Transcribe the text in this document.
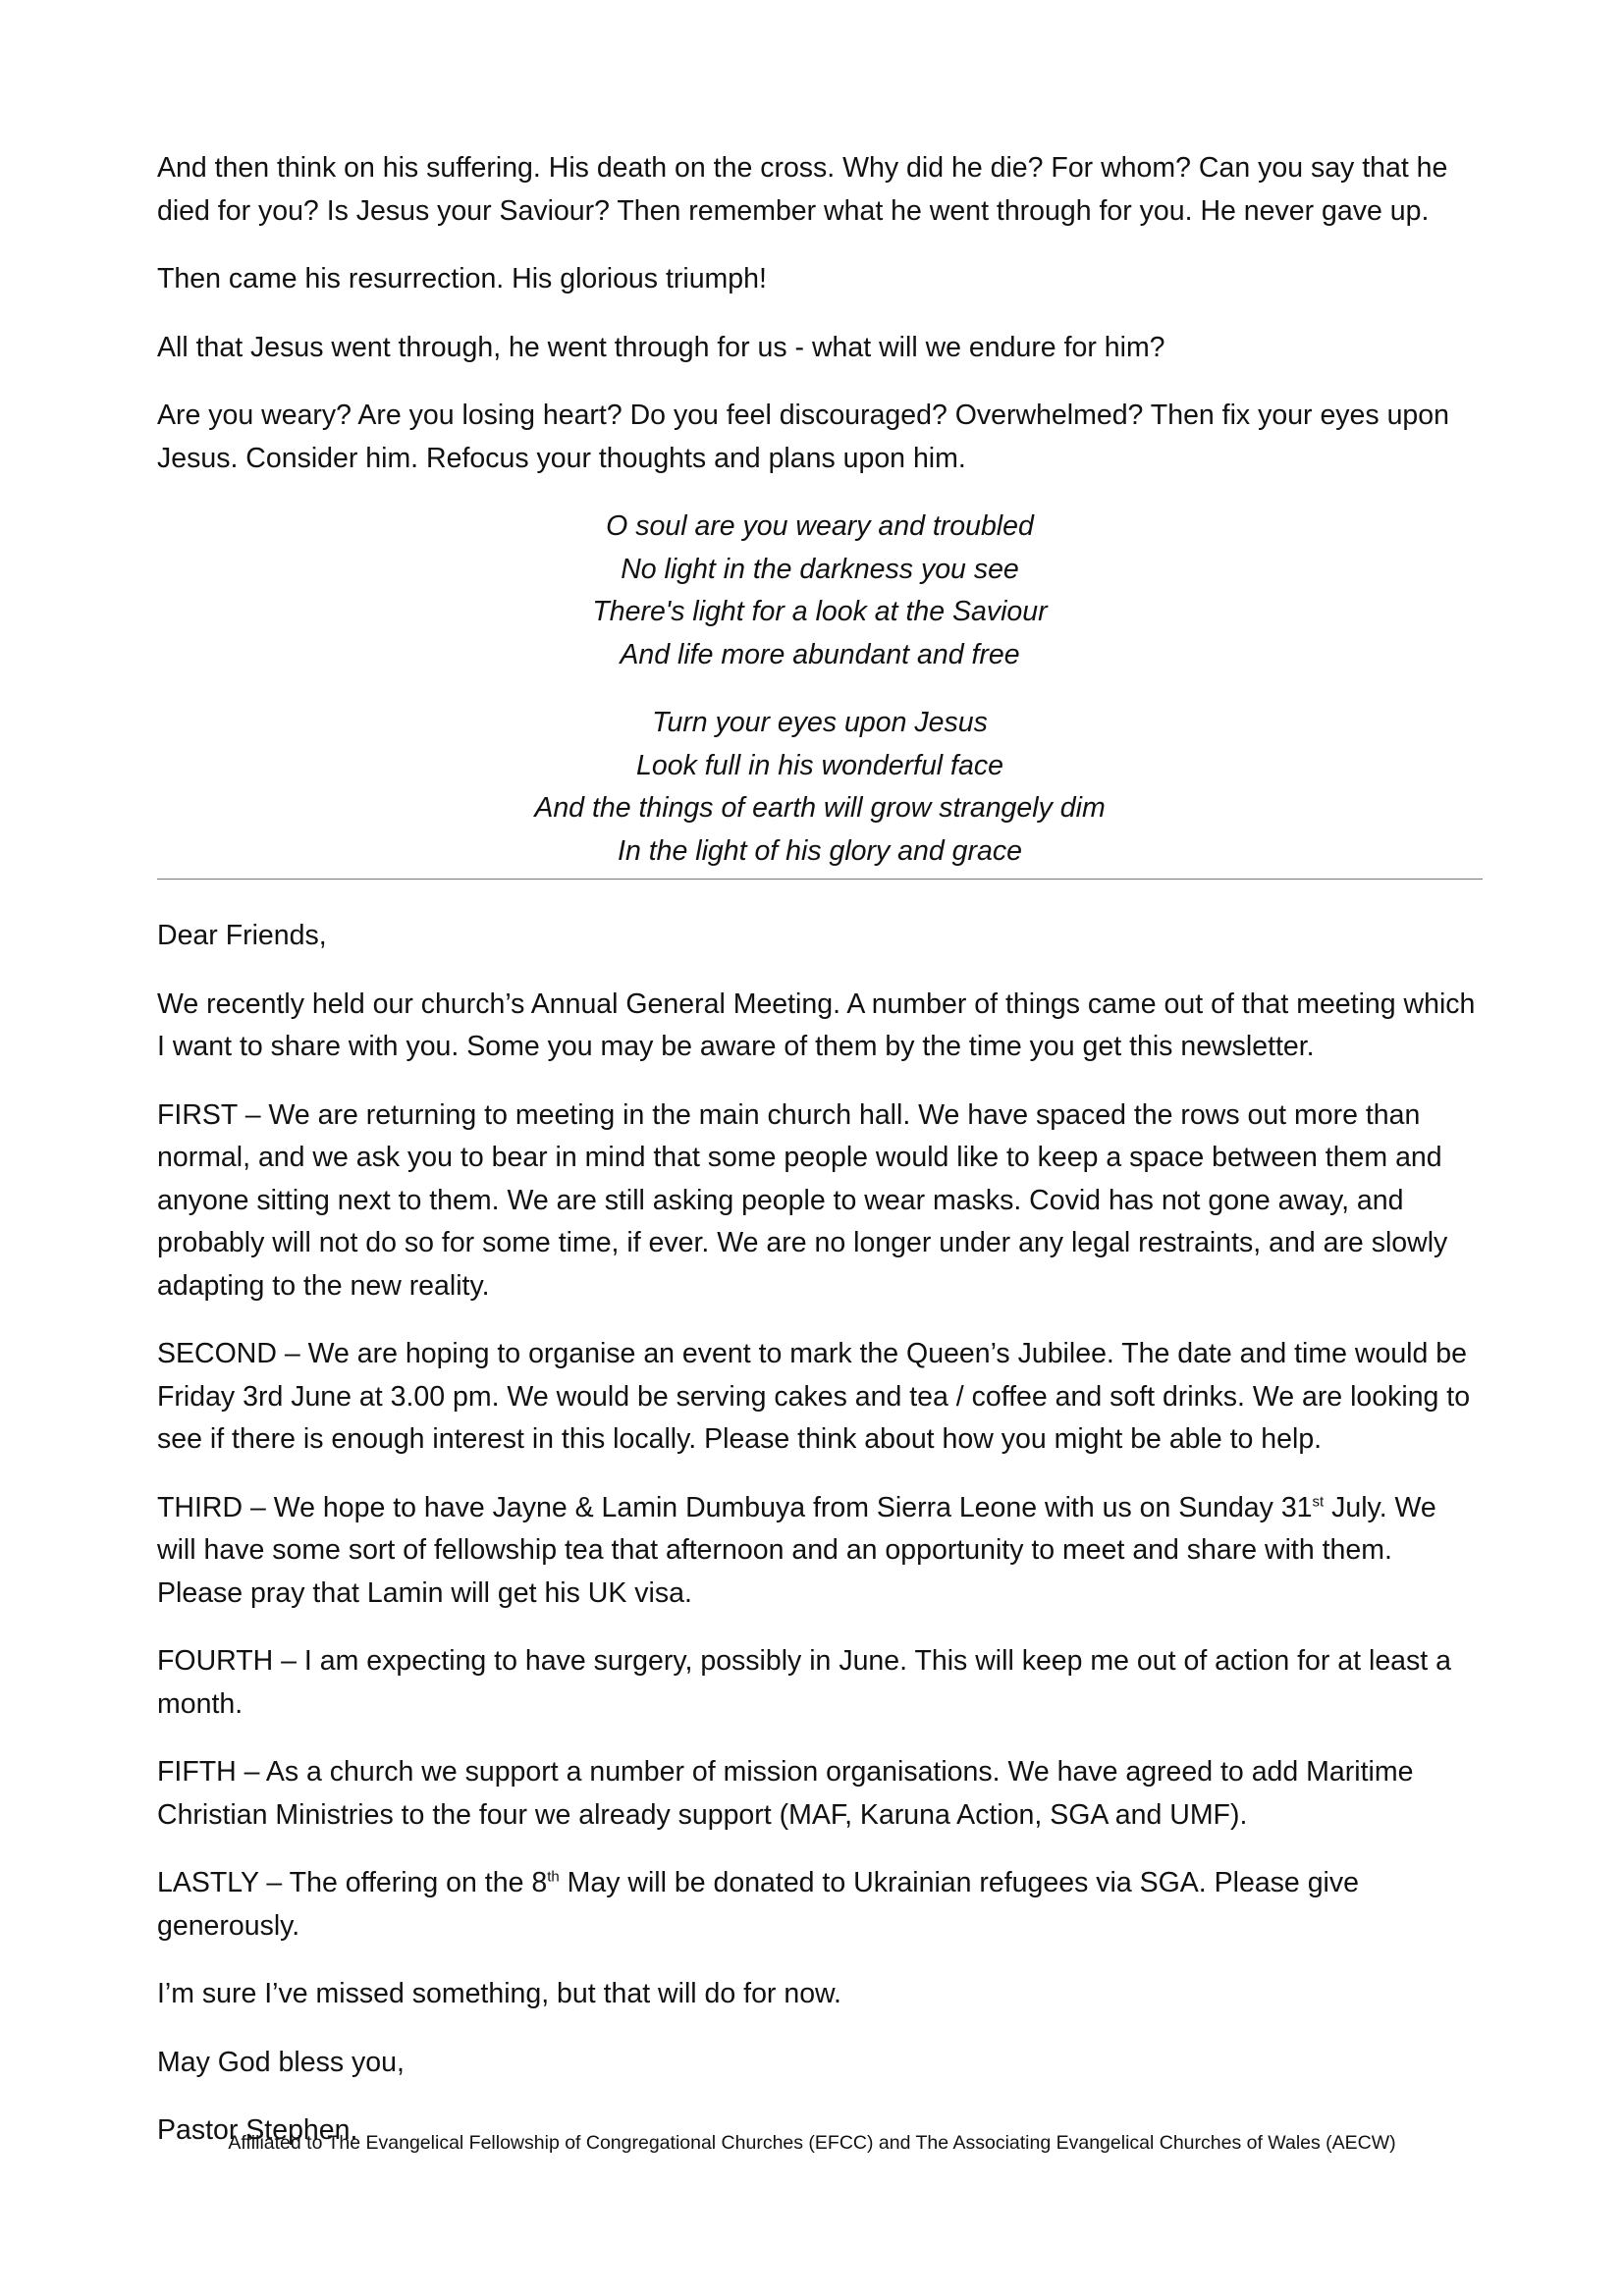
And then think on his suffering. His death on the cross. Why did he die? For whom? Can you say that he died for you? Is Jesus your Saviour? Then remember what he went through for you. He never gave up.

Then came his resurrection. His glorious triumph!

All that Jesus went through, he went through for us - what will we endure for him?

Are you weary? Are you losing heart? Do you feel discouraged? Overwhelmed? Then fix your eyes upon Jesus. Consider him. Refocus your thoughts and plans upon him.

O soul are you weary and troubled
No light in the darkness you see
There's light for a look at the Saviour
And life more abundant and free
Turn your eyes upon Jesus
Look full in his wonderful face
And the things of earth will grow strangely dim
In the light of his glory and grace

Dear Friends,

We recently held our church’s Annual General Meeting. A number of things came out of that meeting which I want to share with you. Some you may be aware of them by the time you get this newsletter.

FIRST – We are returning to meeting in the main church hall. We have spaced the rows out more than normal, and we ask you to bear in mind that some people would like to keep a space between them and anyone sitting next to them. We are still asking people to wear masks. Covid has not gone away, and probably will not do so for some time, if ever. We are no longer under any legal restraints, and are slowly adapting to the new reality.

SECOND – We are hoping to organise an event to mark the Queen’s Jubilee. The date and time would be Friday 3rd June at 3.00 pm. We would be serving cakes and tea / coffee and soft drinks. We are looking to see if there is enough interest in this locally. Please think about how you might be able to help.

THIRD – We hope to have Jayne & Lamin Dumbuya from Sierra Leone with us on Sunday 31st July. We will have some sort of fellowship tea that afternoon and an opportunity to meet and share with them. Please pray that Lamin will get his UK visa.

FOURTH – I am expecting to have surgery, possibly in June. This will keep me out of action for at least a month.

FIFTH – As a church we support a number of mission organisations. We have agreed to add Maritime Christian Ministries to the four we already support (MAF, Karuna Action, SGA and UMF).

LASTLY – The offering on the 8th May will be donated to Ukrainian refugees via SGA. Please give generously.

I’m sure I’ve missed something, but that will do for now.

May God bless you,

Pastor Stephen.

Affiliated to The Evangelical Fellowship of Congregational Churches (EFCC) and The Associating Evangelical Churches of Wales (AECW)
